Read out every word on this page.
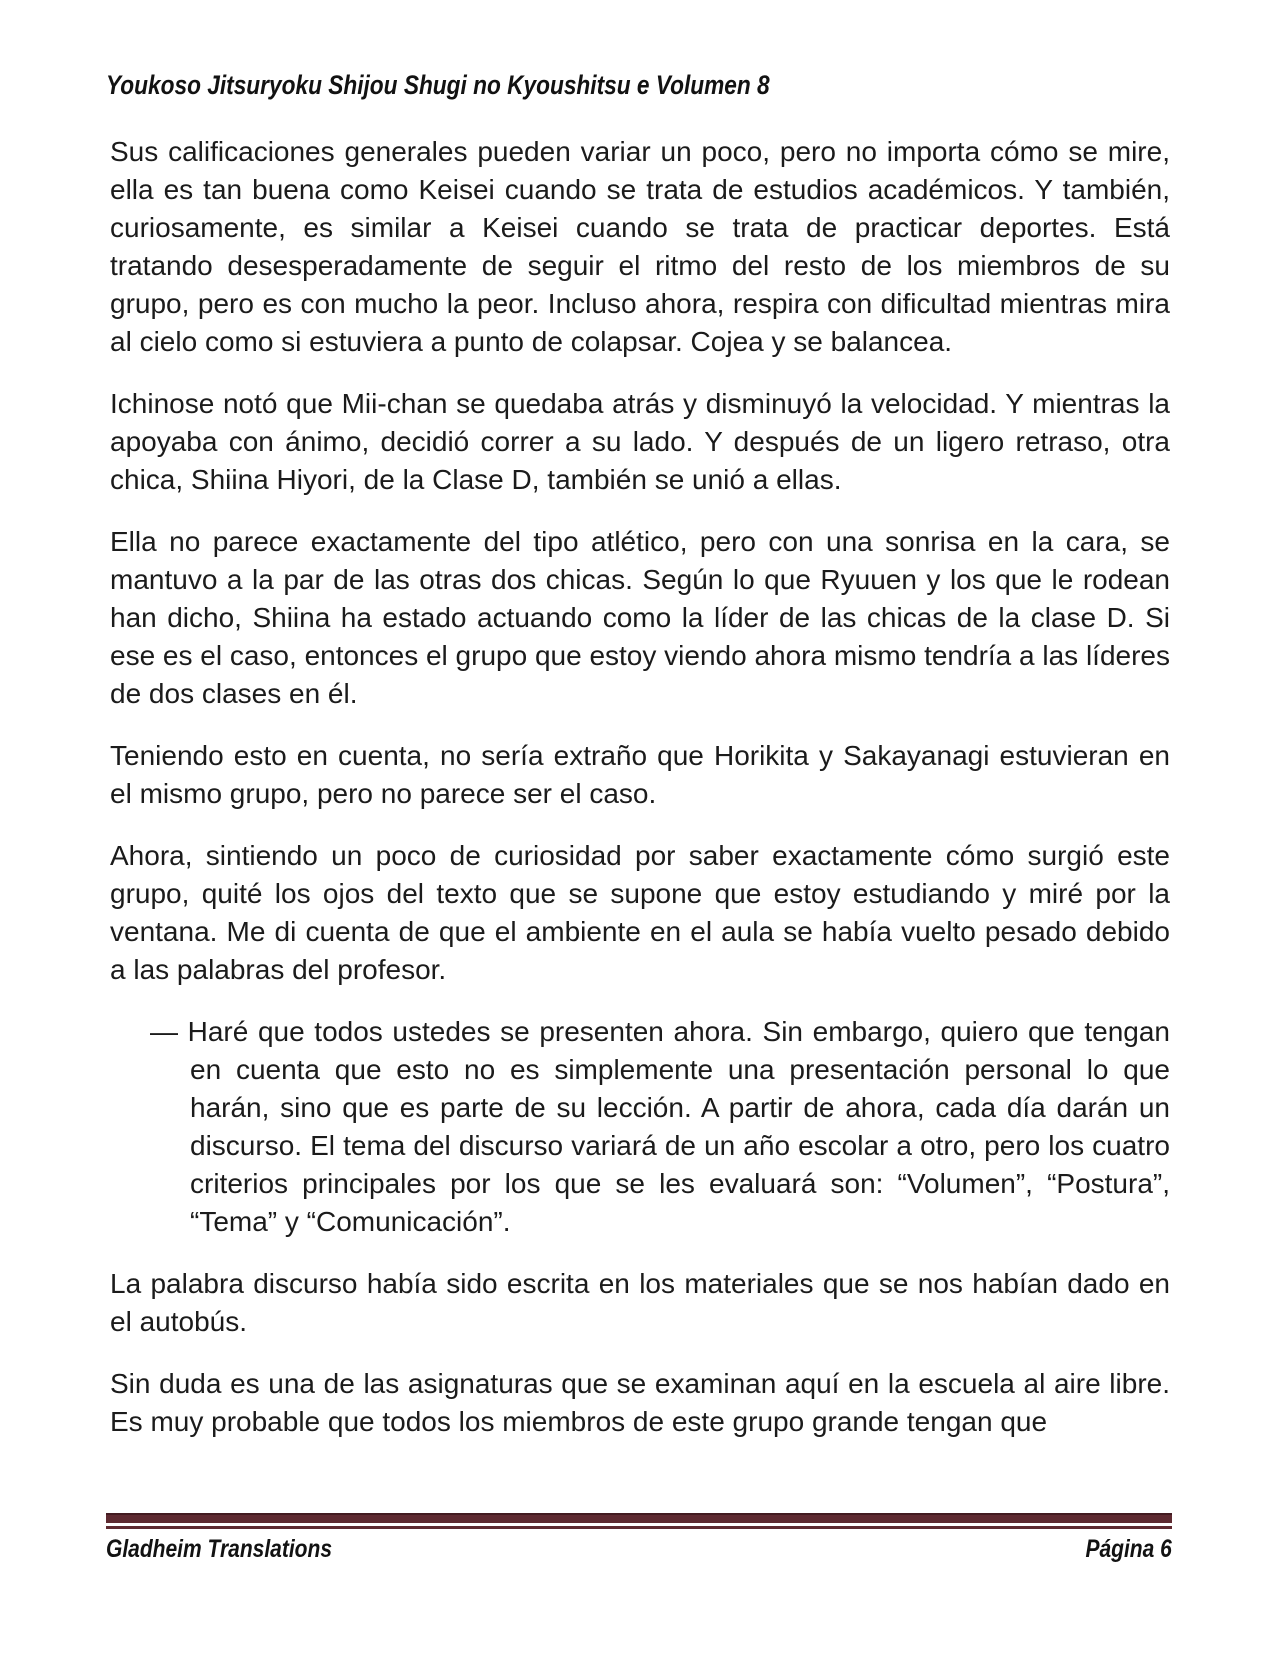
Youkoso Jitsuryoku Shijou Shugi no Kyoushitsu e Volumen 8

Sus calificaciones generales pueden variar un poco, pero no importa cómo se mire, ella es tan buena como Keisei cuando se trata de estudios académicos. Y también, curiosamente, es similar a Keisei cuando se trata de practicar deportes. Está tratando desesperadamente de seguir el ritmo del resto de los miembros de su grupo, pero es con mucho la peor. Incluso ahora, respira con dificultad mientras mira al cielo como si estuviera a punto de colapsar. Cojea y se balancea.

Ichinose notó que Mii-chan se quedaba atrás y disminuyó la velocidad. Y mientras la apoyaba con ánimo, decidió correr a su lado. Y después de un ligero retraso, otra chica, Shiina Hiyori, de la Clase D, también se unió a ellas.

Ella no parece exactamente del tipo atlético, pero con una sonrisa en la cara, se mantuvo a la par de las otras dos chicas. Según lo que Ryuuen y los que le rodean han dicho, Shiina ha estado actuando como la líder de las chicas de la clase D. Si ese es el caso, entonces el grupo que estoy viendo ahora mismo tendría a las líderes de dos clases en él.

Teniendo esto en cuenta, no sería extraño que Horikita y Sakayanagi estuvieran en el mismo grupo, pero no parece ser el caso.

Ahora, sintiendo un poco de curiosidad por saber exactamente cómo surgió este grupo, quité los ojos del texto que se supone que estoy estudiando y miré por la ventana. Me di cuenta de que el ambiente en el aula se había vuelto pesado debido a las palabras del profesor.

— Haré que todos ustedes se presenten ahora. Sin embargo, quiero que tengan en cuenta que esto no es simplemente una presentación personal lo que harán, sino que es parte de su lección. A partir de ahora, cada día darán un discurso. El tema del discurso variará de un año escolar a otro, pero los cuatro criterios principales por los que se les evaluará son: “Volumen”, “Postura”, “Tema” y “Comunicación”.

La palabra discurso había sido escrita en los materiales que se nos habían dado en el autobús.

Sin duda es una de las asignaturas que se examinan aquí en la escuela al aire libre. Es muy probable que todos los miembros de este grupo grande tengan que

Gladheim Translations	Página 6
